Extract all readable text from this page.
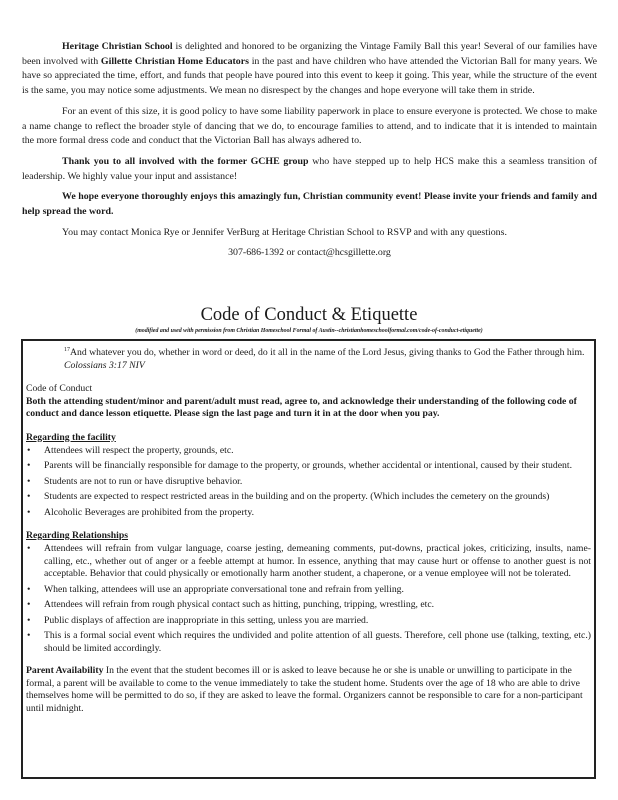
Heritage Christian School is delighted and honored to be organizing the Vintage Family Ball this year! Several of our families have been involved with Gillette Christian Home Educators in the past and have children who have attended the Victorian Ball for many years. We have so appreciated the time, effort, and funds that people have poured into this event to keep it going. This year, while the structure of the event is the same, you may notice some adjustments. We mean no disrespect by the changes and hope everyone will take them in stride.

For an event of this size, it is good policy to have some liability paperwork in place to ensure everyone is protected. We chose to make a name change to reflect the broader style of dancing that we do, to encourage families to attend, and to indicate that it is intended to maintain the more formal dress code and conduct that the Victorian Ball has always adhered to.

Thank you to all involved with the former GCHE group who have stepped up to help HCS make this a seamless transition of leadership. We highly value your input and assistance!

We hope everyone thoroughly enjoys this amazingly fun, Christian community event! Please invite your friends and family and help spread the word.

You may contact Monica Rye or Jennifer VerBurg at Heritage Christian School to RSVP and with any questions.

307-686-1392 or contact@hcsgillette.org

Code of Conduct & Etiquette
(modified and used with permission from Christian Homeschool Formal of Austin--christianhomeschoolformal.com/code-of-conduct-etiquette)

$^{17}$And whatever you do, whether in word or deed, do it all in the name of the Lord Jesus, giving thanks to God the Father through him. Colossians 3:17 NIV

Code of Conduct

Both the attending student/minor and parent/adult must read, agree to, and acknowledge their understanding of the following code of conduct and dance lesson etiquette. Please sign the last page and turn it in at the door when you pay.

Regarding the facility

• Attendees will respect the property, grounds, etc.
• Parents will be financially responsible for damage to the property, or grounds, whether accidental or intentional, caused by their student.
• Students are not to run or have disruptive behavior.
• Students are expected to respect restricted areas in the building and on the property. (Which includes the cemetery on the grounds)
• Alcoholic Beverages are prohibited from the property.

Regarding Relationships

• Attendees will refrain from vulgar language, coarse jesting, demeaning comments, put-downs, practical jokes, criticizing, insults, name-calling, etc., whether out of anger or a feeble attempt at humor. In essence, anything that may cause hurt or offense to another guest is not acceptable. Behavior that could physically or emotionally harm another student, a chaperone, or a venue employee will not be tolerated.
• When talking, attendees will use an appropriate conversational tone and refrain from yelling.
• Attendees will refrain from rough physical contact such as hitting, punching, tripping, wrestling, etc.
• Public displays of affection are inappropriate in this setting, unless you are married.
• This is a formal social event which requires the undivided and polite attention of all guests. Therefore, cell phone use (talking, texting, etc.) should be limited accordingly.

Parent Availability In the event that the student becomes ill or is asked to leave because he or she is unable or unwilling to participate in the formal, a parent will be available to come to the venue immediately to take the student home. Students over the age of 18 who are able to drive themselves home will be permitted to do so, if they are asked to leave the formal. Organizers cannot be responsible to care for a non-participant until midnight.
